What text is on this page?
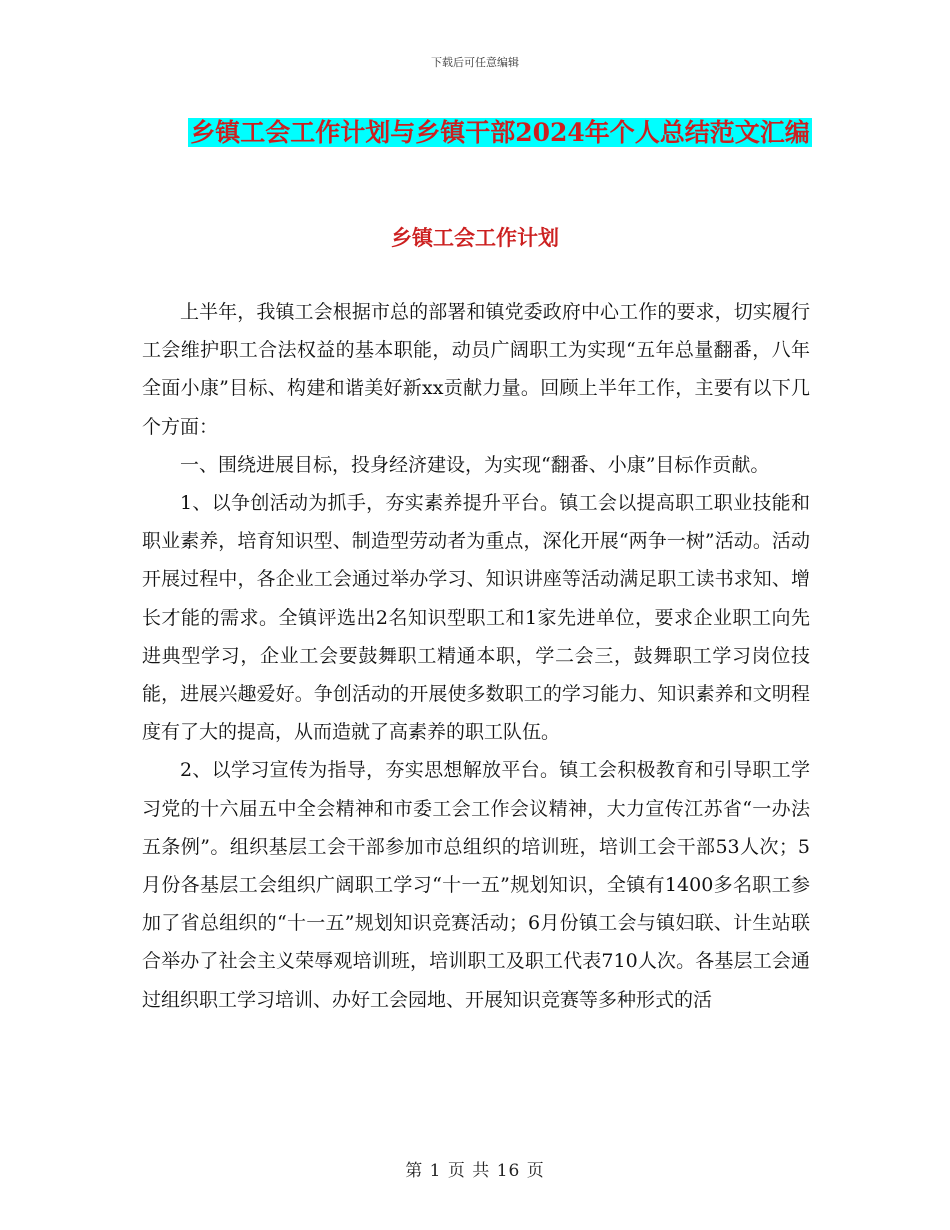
下载后可任意编辑
乡镇工会工作计划与乡镇干部2024年个人总结范文汇编
乡镇工会工作计划

上半年，我镇工会根据市总的部署和镇党委政府中心工作的要求，切实履行工会维护职工合法权益的基本职能，动员广阔职工为实现“五年总量翻番，八年全面小康”目标、构建和谐美好新xx贡献力量。回顾上半年工作，主要有以下几个方面：

一、围绕进展目标，投身经济建设，为实现“翻番、小康”目标作贡献。

1、以争创活动为抓手，夯实素养提升平台。镇工会以提高职工职业技能和职业素养，培育知识型、制造型劳动者为重点，深化开展“两争一树”活动。活动开展过程中，各企业工会通过举办学习、知识讲座等活动满足职工读书求知、增长才能的需求。全镇评选出2名知识型职工和1家先进单位，要求企业职工向先进典型学习，企业工会要鼓舞职工精通本职，学二会三，鼓舞职工学习岗位技能，进展兴趣爱好。争创活动的开展使多数职工的学习能力、知识素养和文明程度有了大的提高，从而造就了高素养的职工队伍。

2、以学习宣传为指导，夯实思想解放平台。镇工会积极教育和引导职工学习党的十六届五中全会精神和市委工会工作会议精神，大力宣传江苏省“一办法五条例”。组织基层工会干部参加市总组织的培训班，培训工会干部53人次；5月份各基层工会组织广阔职工学习“十一五”规划知识，全镇有1400多名职工参加了省总组织的“十一五”规划知识竞赛活动；6月份镇工会与镇妇联、计生站联合举办了社会主义荣辱观培训班，培训职工及职工代表710人次。各基层工会通过组织职工学习培训、办好工会园地、开展知识竞赛等多种形式的活

第 1 页 共 16 页
